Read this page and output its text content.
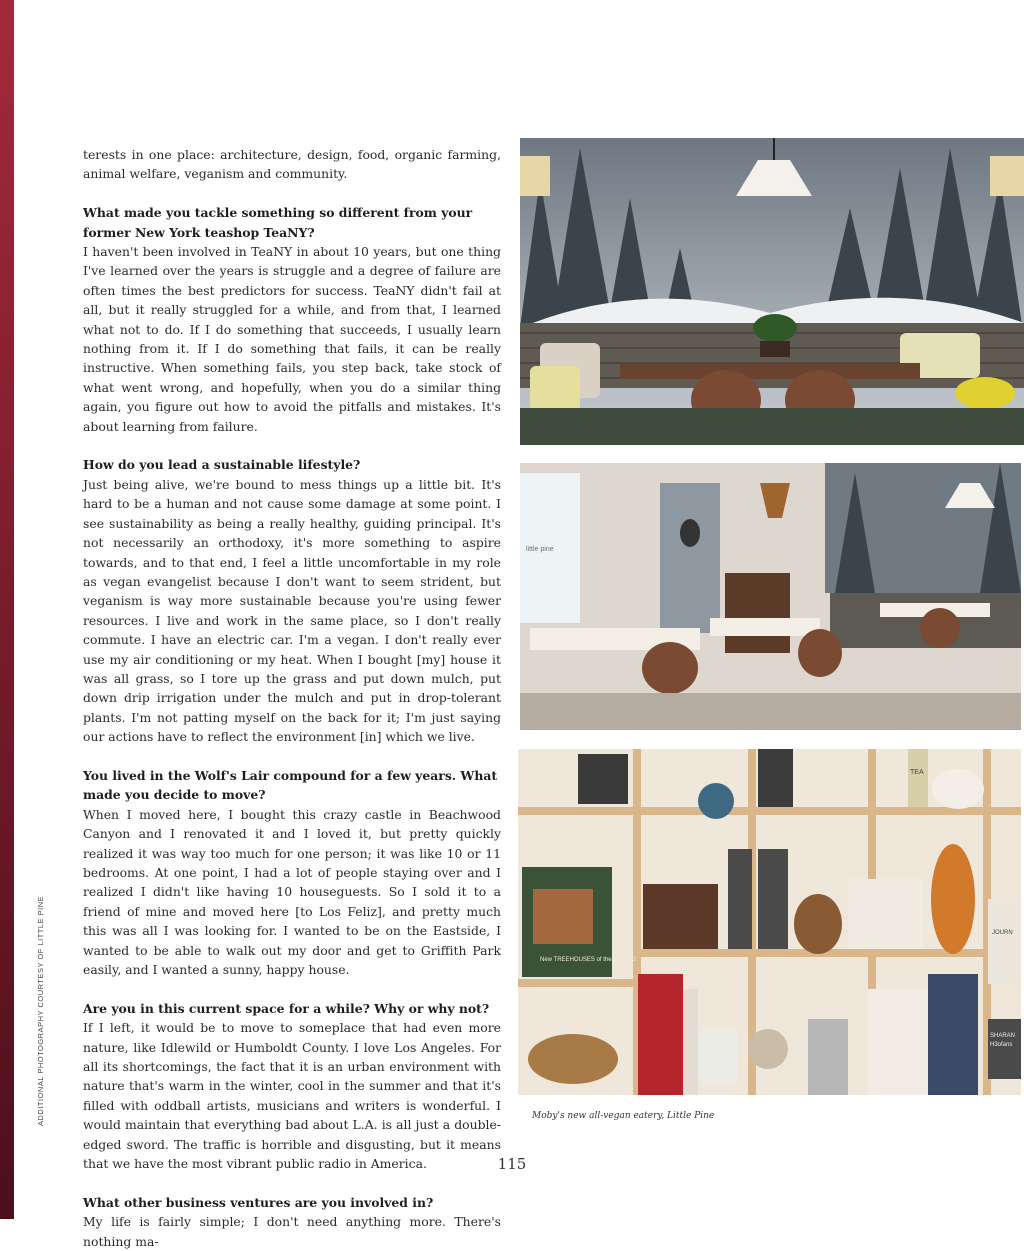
ADDITIONAL PHOTOGRAPHY COURTESY OF LITTLE PINE

terests in one place: architecture, design, food, organic farming, animal welfare, veganism and community.

What made you tackle something so different from your former New York teashop TeaNY?

I haven't been involved in TeaNY in about 10 years, but one thing I've learned over the years is struggle and a degree of failure are often times the best predictors for success. TeaNY didn't fail at all, but it really struggled for a while, and from that, I learned what not to do. If I do something that succeeds, I usually learn nothing from it. If I do something that fails, it can be really instructive. When something fails, you step back, take stock of what went wrong, and hopefully, when you do a similar thing again, you figure out how to avoid the pitfalls and mistakes. It's about learning from failure.

How do you lead a sustainable lifestyle?

Just being alive, we're bound to mess things up a little bit. It's hard to be a human and not cause some damage at some point. I see sustainability as being a really healthy, guiding principal. It's not necessarily an orthodoxy, it's more something to aspire towards, and to that end, I feel a little uncomfortable in my role as vegan evangelist because I don't want to seem strident, but veganism is way more sustainable because you're using fewer resources. I live and work in the same place, so I don't really commute. I have an electric car. I'm a vegan. I don't really ever use my air conditioning or my heat. When I bought [my] house it was all grass, so I tore up the grass and put down mulch, put down drip irrigation under the mulch and put in drop-tolerant plants. I'm not patting myself on the back for it; I'm just saying our actions have to reflect the environment [in] which we live.

You lived in the Wolf's Lair compound for a few years. What made you decide to move?

When I moved here, I bought this crazy castle in Beachwood Canyon and I renovated it and I loved it, but pretty quickly realized it was way too much for one person; it was like 10 or 11 bedrooms. At one point, I had a lot of people staying over and I realized I didn't like having 10 houseguests. So I sold it to a friend of mine and moved here [to Los Feliz], and pretty much this was all I was looking for. I wanted to be on the Eastside, I wanted to be able to walk out my door and get to Griffith Park easily, and I wanted a sunny, happy house.

Are you in this current space for a while? Why or why not?

If I left, it would be to move to someplace that had even more nature, like Idlewild or Humboldt County. I love Los Angeles. For all its shortcomings, the fact that it is an urban environment with nature that's warm in the winter, cool in the summer and that it's filled with oddball artists, musicians and writers is wonderful. I would maintain that everything bad about L.A. is all just a double-edged sword. The traffic is horrible and disgusting, but it means that we have the most vibrant public radio in America.

What other business ventures are you involved in?

My life is fairly simple; I don't need anything more. There's nothing ma-

little pine
TEA
New TREEHOUSES of the WORLD
JOURN
SHARAN
H3ofans
Moby's new all-vegan eatery, Little Pine
115
